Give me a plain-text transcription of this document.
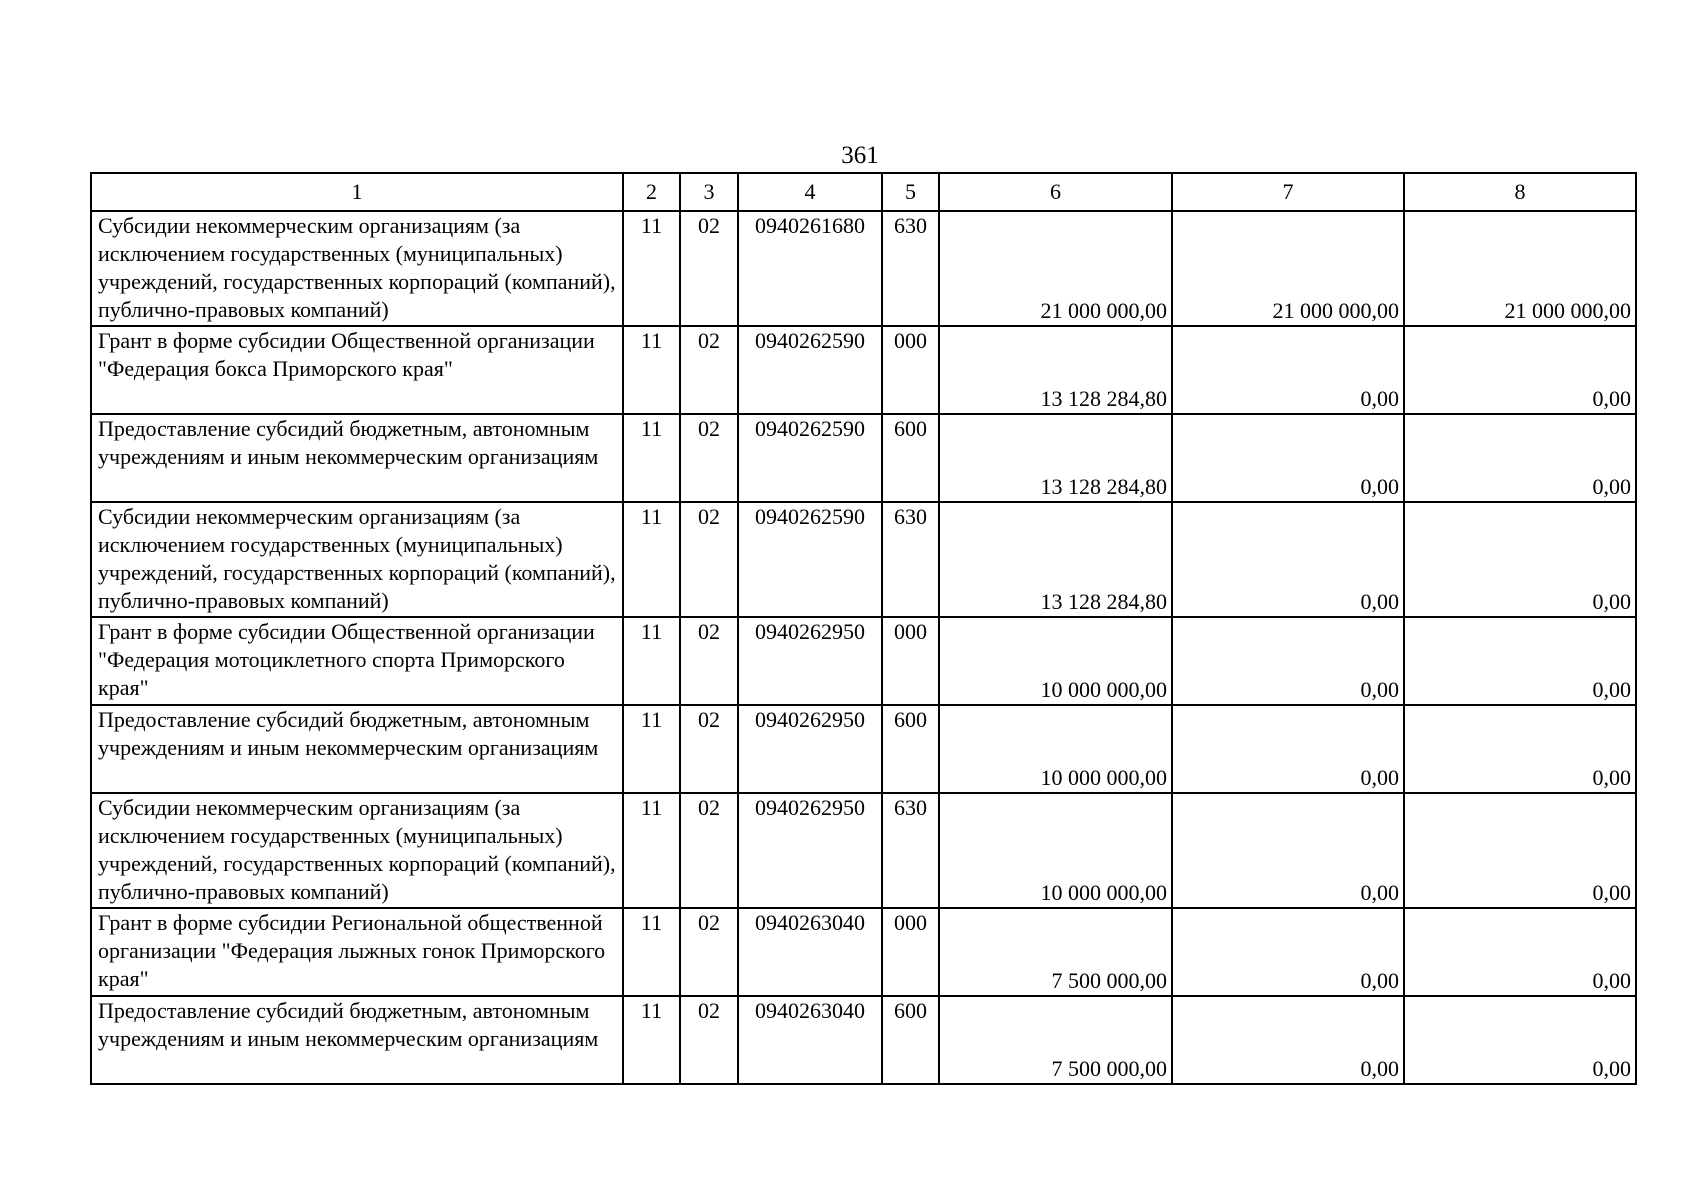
361
1	2	3	4	5	6	7	8
Субсидии некоммерческим организациям (за исключением государственных (муниципальных) учреждений, государственных корпораций (компаний), публично-правовых компаний)	11	02	0940261680	630	21 000 000,00	21 000 000,00	21 000 000,00
Грант в форме субсидии Общественной организации "Федерация бокса Приморского края"	11	02	0940262590	000	13 128 284,80	0,00	0,00
Предоставление субсидий бюджетным, автономным учреждениям и иным некоммерческим организациям	11	02	0940262590	600	13 128 284,80	0,00	0,00
Субсидии некоммерческим организациям (за исключением государственных (муниципальных) учреждений, государственных корпораций (компаний), публично-правовых компаний)	11	02	0940262590	630	13 128 284,80	0,00	0,00
Грант в форме субсидии Общественной организации "Федерация мотоциклетного спорта Приморского края"	11	02	0940262950	000	10 000 000,00	0,00	0,00
Предоставление субсидий бюджетным, автономным учреждениям и иным некоммерческим организациям	11	02	0940262950	600	10 000 000,00	0,00	0,00
Субсидии некоммерческим организациям (за исключением государственных (муниципальных) учреждений, государственных корпораций (компаний), публично-правовых компаний)	11	02	0940262950	630	10 000 000,00	0,00	0,00
Грант в форме субсидии Региональной общественной организации "Федерация лыжных гонок Приморского края"	11	02	0940263040	000	7 500 000,00	0,00	0,00
Предоставление субсидий бюджетным, автономным учреждениям и иным некоммерческим организациям	11	02	0940263040	600	7 500 000,00	0,00	0,00
